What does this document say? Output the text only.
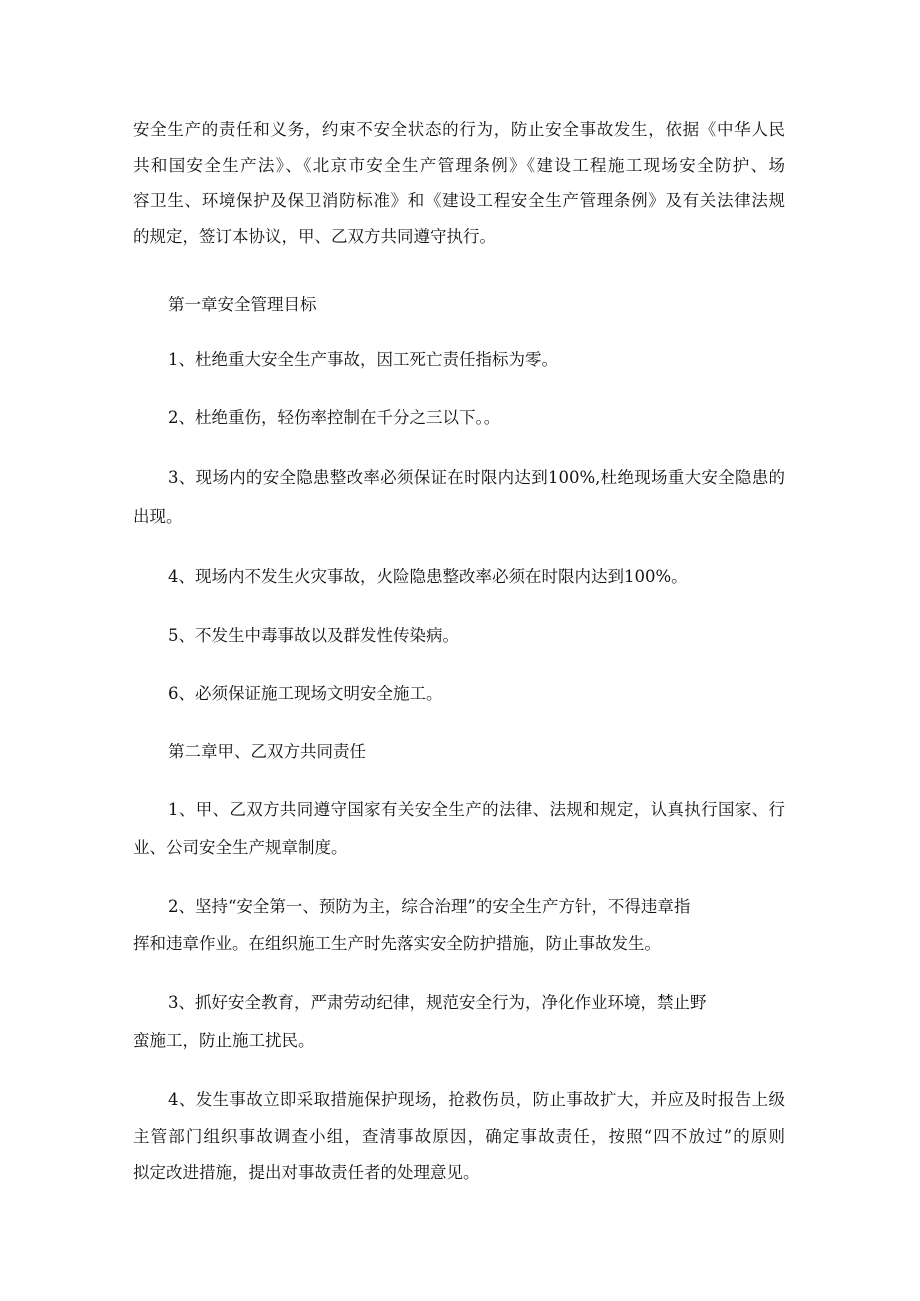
安全生产的责任和义务，约束不安全状态的行为，防止安全事故发生，依据《中华人民
共和国安全生产法》、《北京市安全生产管理条例》《建设工程施工现场安全防护、场
容卫生、环境保护及保卫消防标准》和《建设工程安全生产管理条例》及有关法律法规
的规定，签订本协议，甲、乙双方共同遵守执行。
第一章安全管理目标
1、杜绝重大安全生产事故，因工死亡责任指标为零。
2、杜绝重伤，轻伤率控制在千分之三以下。。
3、现场内的安全隐患整改率必须保证在时限内达到100%,杜绝现场重大安全隐患的
出现。
4、现场内不发生火灾事故，火险隐患整改率必须在时限内达到100%。
5、不发生中毒事故以及群发性传染病。
6、必须保证施工现场文明安全施工。
第二章甲、乙双方共同责任
1、甲、乙双方共同遵守国家有关安全生产的法律、法规和规定，认真执行国家、行
业、公司安全生产规章制度。
2、坚持“安全第一、预防为主，综合治理”的安全生产方针，不得违章指
挥和违章作业。在组织施工生产时先落实安全防护措施，防止事故发生。
3、抓好安全教育，严肃劳动纪律，规范安全行为，净化作业环境，禁止野
蛮施工，防止施工扰民。
4、发生事故立即采取措施保护现场，抢救伤员，防止事故扩大，并应及时报告上级
主管部门组织事故调查小组，查清事故原因，确定事故责任，按照“四不放过”的原则
拟定改进措施，提出对事故责任者的处理意见。
